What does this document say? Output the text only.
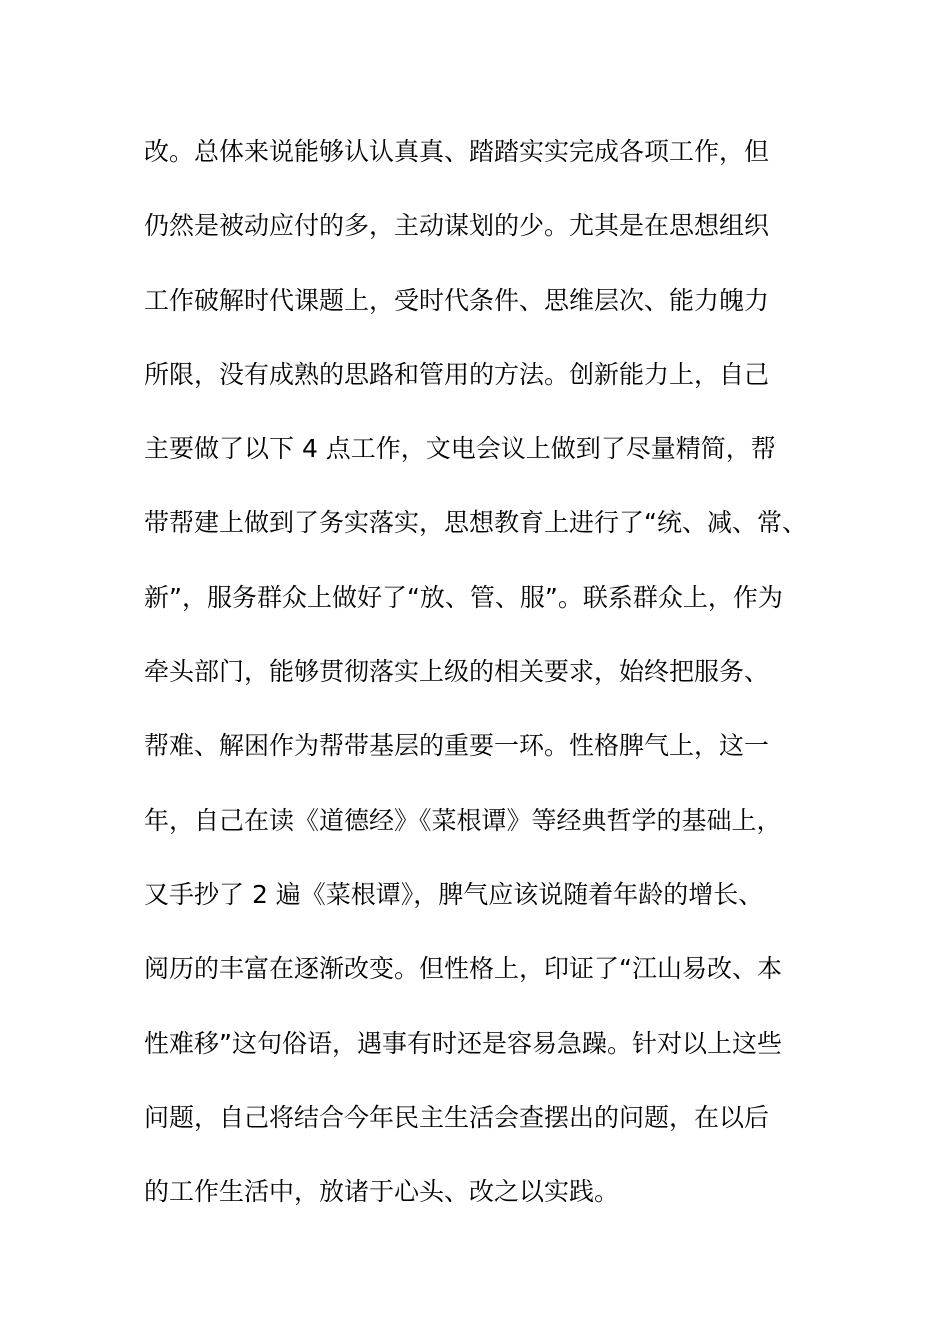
改。总体来说能够认认真真、踏踏实实完成各项工作，但
仍然是被动应付的多，主动谋划的少。尤其是在思想组织
工作破解时代课题上，受时代条件、思维层次、能力魄力
所限，没有成熟的思路和管用的方法。创新能力上，自己
主要做了以下 4 点工作，文电会议上做到了尽量精简，帮
带帮建上做到了务实落实，思想教育上进行了“统、减、常、
新”，服务群众上做好了“放、管、服”。联系群众上，作为
牵头部门，能够贯彻落实上级的相关要求，始终把服务、
帮难、解困作为帮带基层的重要一环。性格脾气上，这一
年，自己在读《道德经》《菜根谭》等经典哲学的基础上，
又手抄了 2 遍《菜根谭》，脾气应该说随着年龄的增长、
阅历的丰富在逐渐改变。但性格上，印证了“江山易改、本
性难移”这句俗语，遇事有时还是容易急躁。针对以上这些
问题，自己将结合今年民主生活会查摆出的问题，在以后
的工作生活中，放诸于心头、改之以实践。
